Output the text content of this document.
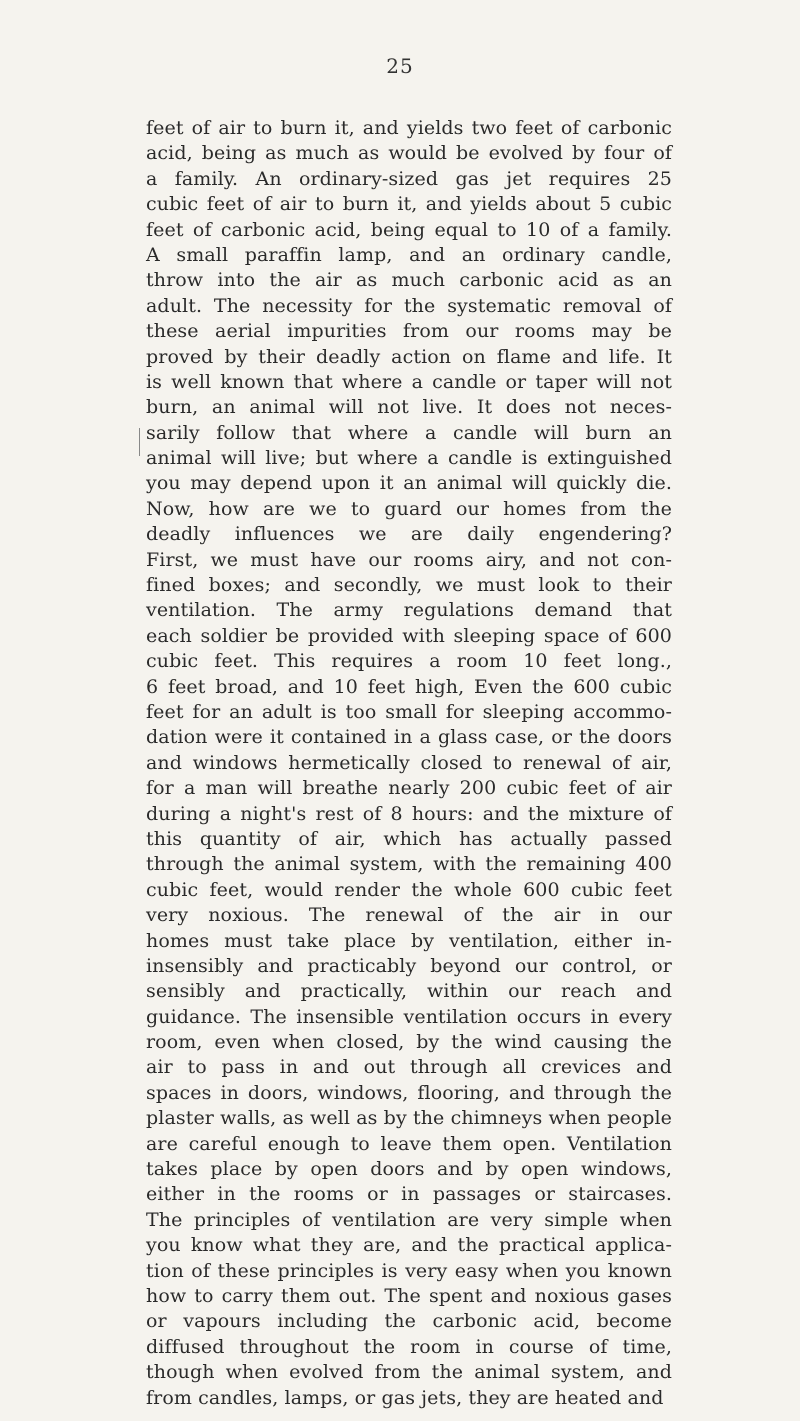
25
feet of air to burn it, and yields two feet of carbonic
acid, being as much as would be evolved by four of
a family. An ordinary-sized gas jet requires 25
cubic feet of air to burn it, and yields about 5 cubic
feet of carbonic acid, being equal to 10 of a family.
A small paraffin lamp, and an ordinary candle,
throw into the air as much carbonic acid as an
adult. The necessity for the systematic removal of
these aerial impurities from our rooms may be
proved by their deadly action on flame and life. It
is well known that where a candle or taper will not
burn, an animal will not live. It does not neces-
sarily follow that where a candle will burn an
animal will live; but where a candle is extinguished
you may depend upon it an animal will quickly die.
Now, how are we to guard our homes from the
deadly influences we are daily engendering?
First, we must have our rooms airy, and not con-
fined boxes; and secondly, we must look to their
ventilation. The army regulations demand that
each soldier be provided with sleeping space of 600
cubic feet. This requires a room 10 feet long.,
6 feet broad, and 10 feet high, Even the 600 cubic
feet for an adult is too small for sleeping accommo-
dation were it contained in a glass case, or the doors
and windows hermetically closed to renewal of air,
for a man will breathe nearly 200 cubic feet of air
during a night's rest of 8 hours: and the mixture of
this quantity of air, which has actually passed
through the animal system, with the remaining 400
cubic feet, would render the whole 600 cubic feet
very noxious. The renewal of the air in our
homes must take place by ventilation, either in-
insensibly and practicably beyond our control, or
sensibly and practically, within our reach and
guidance. The insensible ventilation occurs in every
room, even when closed, by the wind causing the
air to pass in and out through all crevices and
spaces in doors, windows, flooring, and through the
plaster walls, as well as by the chimneys when people
are careful enough to leave them open. Ventilation
takes place by open doors and by open windows,
either in the rooms or in passages or staircases.
The principles of ventilation are very simple when
you know what they are, and the practical applica-
tion of these principles is very easy when you known
how to carry them out. The spent and noxious gases
or vapours including the carbonic acid, become
diffused throughout the room in course of time,
though when evolved from the animal system, and
from candles, lamps, or gas jets, they are heated and
